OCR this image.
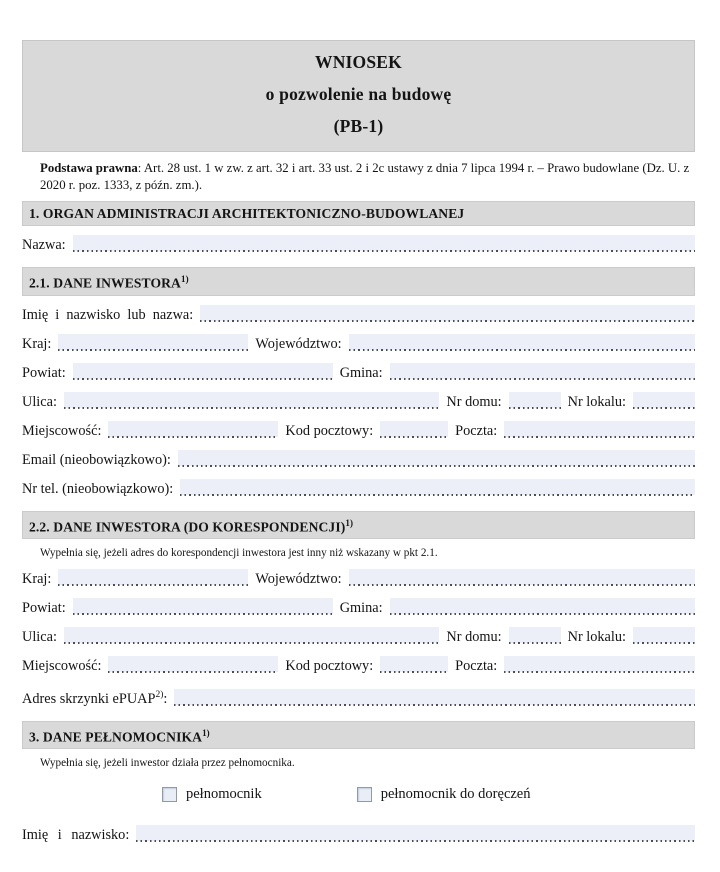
WNIOSEK
o pozwolenie na budowę
(PB-1)

Podstawa prawna: Art. 28 ust. 1 w zw. z art. 32 i art. 33 ust. 2 i 2c ustawy z dnia 7 lipca 1994 r. – Prawo budowlane (Dz. U. z 2020 r. poz. 1333, z późn. zm.).

1. ORGAN ADMINISTRACJI ARCHITEKTONICZNO-BUDOWLANEJ
Nazwa:
2.1. DANE INWESTORA$^{1)}$
Imię i nazwisko lub nazwa:
Kraj:	Województwo:
Powiat:	Gmina:
Ulica:	Nr domu:	Nr lokalu:
Miejscowość:	Kod pocztowy:	Poczta:
Email (nieobowiązkowo):
Nr tel. (nieobowiązkowo):
2.2. DANE INWESTORA (DO KORESPONDENCJI)$^{1)}$
Wypełnia się, jeżeli adres do korespondencji inwestora jest inny niż wskazany w pkt 2.1.
Kraj:	Województwo:
Powiat:	Gmina:
Ulica:	Nr domu:	Nr lokalu:
Miejscowość:	Kod pocztowy:	Poczta:
Adres skrzynki ePUAP$^{2)}$:
3. DANE PEŁNOMOCNIKA$^{1)}$
Wypełnia się, jeżeli inwestor działa przez pełnomocnika.
pełnomocnik	pełnomocnik do doręczeń
Imię i nazwisko:
